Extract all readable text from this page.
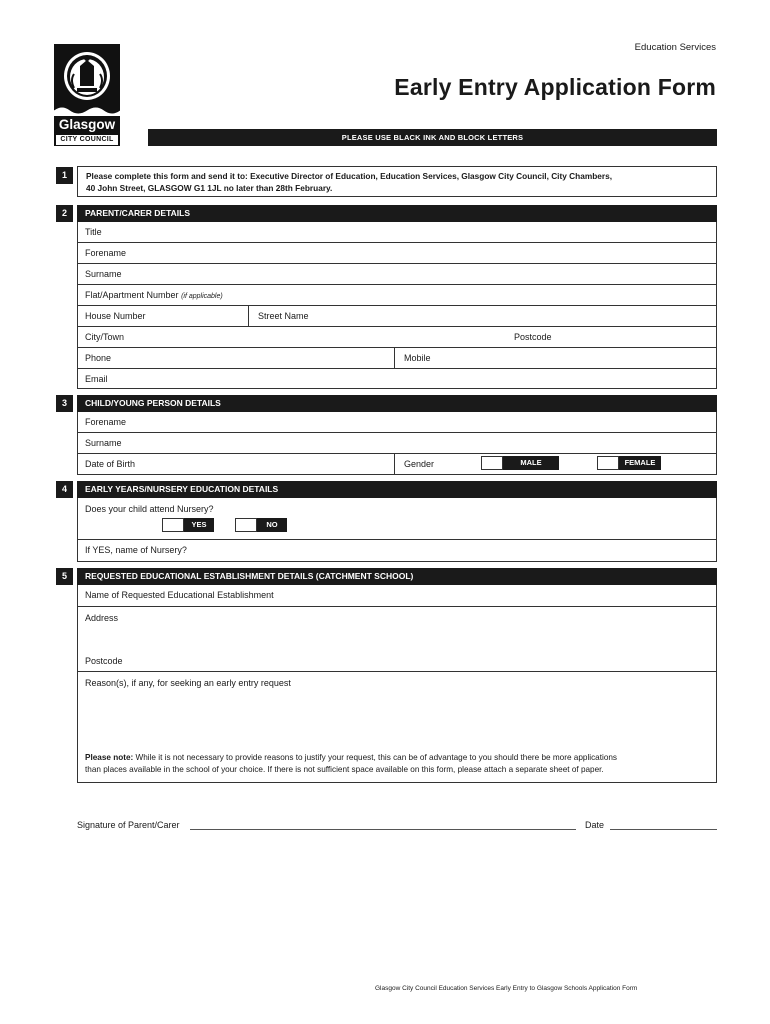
Education Services
Early Entry Application Form
Glasgow
CITY COUNCIL	PLEASE USE BLACK INK AND BLOCK LETTERS
1	Please complete this form and send it to: Executive Director of Education, Education Services, Glasgow City Council, City Chambers,
40 John Street, GLASGOW G1 1JL no later than 28th February.
2	PARENT/CARER DETAILS
Title
Forename
Surname
Flat/Apartment Number (if applicable)
House Number	Street Name
City/Town	Postcode
Phone	Mobile
Email
3	CHILD/YOUNG PERSON DETAILS
Forename
Surname
Date of Birth	Gender	MALE	FEMALE
4	EARLY YEARS/NURSERY EDUCATION DETAILS
Does your child attend Nursery?
YES	NO
If YES, name of Nursery?
5	REQUESTED EDUCATIONAL ESTABLISHMENT DETAILS (CATCHMENT SCHOOL)
Name of Requested Educational Establishment
Address
Postcode
Reason(s), if any, for seeking an early entry request
Please note: While it is not necessary to provide reasons to justify your request, this can be of advantage to you should there be more applications
than places available in the school of your choice. If there is not sufficient space available on this form, please attach a separate sheet of paper.
Signature of Parent/Carer	Date
Glasgow City Council Education Services Early Entry to Glasgow Schools Application Form
